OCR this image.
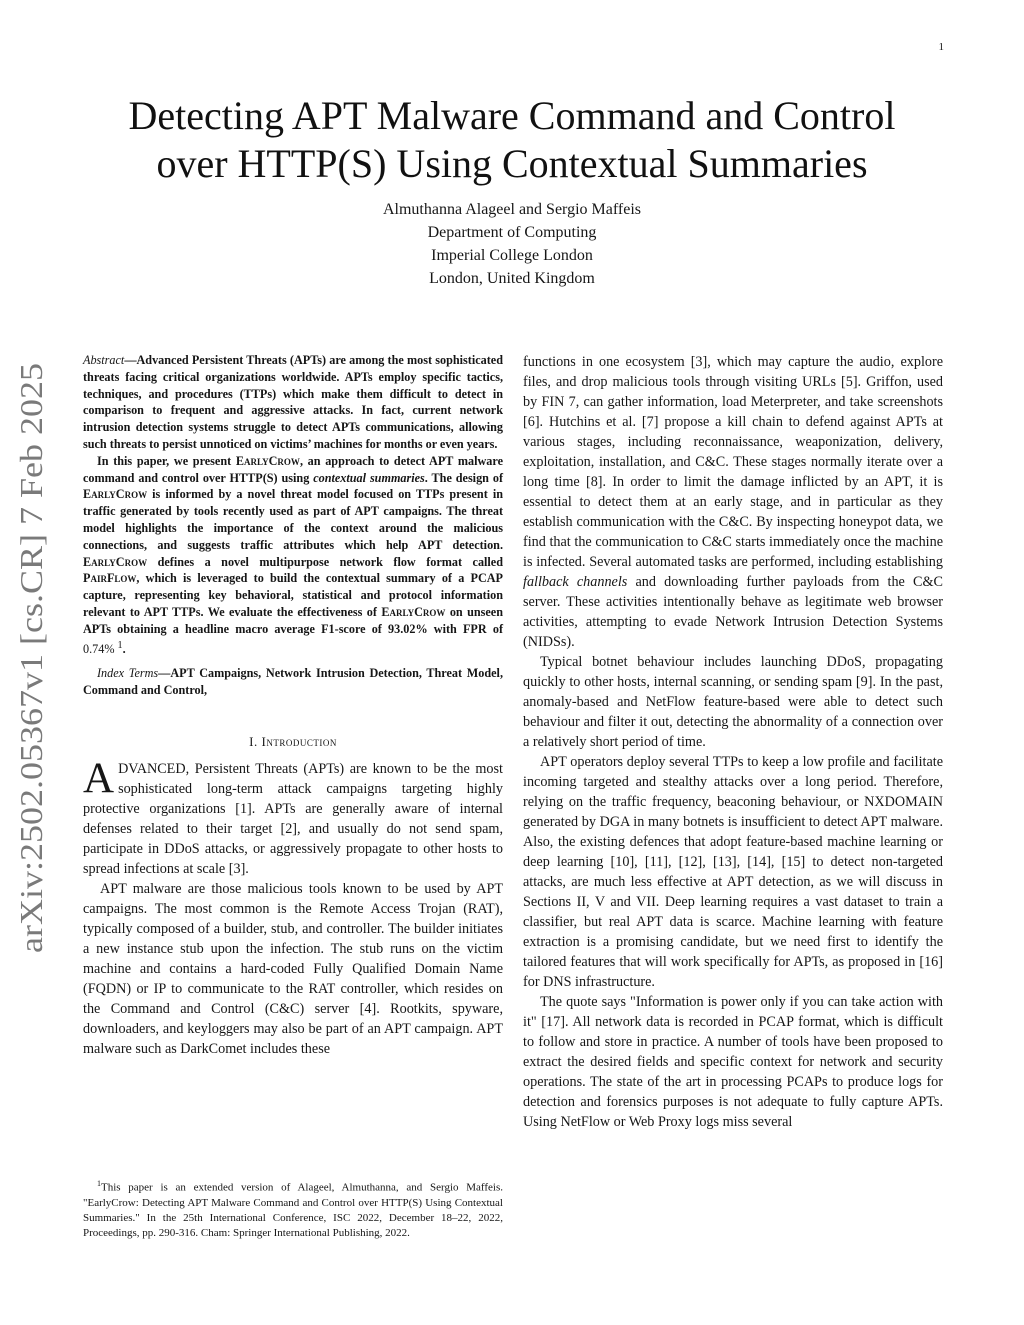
1
arXiv:2502.05367v1 [cs.CR] 7 Feb 2025
Detecting APT Malware Command and Control
over HTTP(S) Using Contextual Summaries
Almuthanna Alageel and Sergio Maffeis
Department of Computing
Imperial College London
London, United Kingdom

Abstract—Advanced Persistent Threats (APTs) are among the most sophisticated threats facing critical organizations worldwide. APTs employ specific tactics, techniques, and procedures (TTPs) which make them difficult to detect in comparison to frequent and aggressive attacks. In fact, current network intrusion detection systems struggle to detect APTs communications, allowing such threats to persist unnoticed on victims’ machines for months or even years.

In this paper, we present EarlyCrow, an approach to detect APT malware command and control over HTTP(S) using contextual summaries. The design of EarlyCrow is informed by a novel threat model focused on TTPs present in traffic generated by tools recently used as part of APT campaigns. The threat model highlights the importance of the context around the malicious connections, and suggests traffic attributes which help APT detection. EarlyCrow defines a novel multipurpose network flow format called PairFlow, which is leveraged to build the contextual summary of a PCAP capture, representing key behavioral, statistical and protocol information relevant to APT TTPs. We evaluate the effectiveness of EarlyCrow on unseen APTs obtaining a headline macro average F1-score of 93.02% with FPR of 0.74% $^1$.

Index Terms—APT Campaigns, Network Intrusion Detection, Threat Model, Command and Control,

I. Introduction

ADVANCED, Persistent Threats (APTs) are known to be the most sophisticated long-term attack campaigns targeting highly protective organizations [1]. APTs are generally aware of internal defenses related to their target [2], and usually do not send spam, participate in DDoS attacks, or aggressively propagate to other hosts to spread infections at scale [3].

APT malware are those malicious tools known to be used by APT campaigns. The most common is the Remote Access Trojan (RAT), typically composed of a builder, stub, and controller. The builder initiates a new instance stub upon the infection. The stub runs on the victim machine and contains a hard-coded Fully Qualified Domain Name (FQDN) or IP to communicate to the RAT controller, which resides on the Command and Control (C&C) server [4]. Rootkits, spyware, downloaders, and keyloggers may also be part of an APT campaign. APT malware such as DarkComet includes these

functions in one ecosystem [3], which may capture the audio, explore files, and drop malicious tools through visiting URLs [5]. Griffon, used by FIN 7, can gather information, load Meterpreter, and take screenshots [6]. Hutchins et al. [7] propose a kill chain to defend against APTs at various stages, including reconnaissance, weaponization, delivery, exploitation, installation, and C&C. These stages normally iterate over a long time [8]. In order to limit the damage inflicted by an APT, it is essential to detect them at an early stage, and in particular as they establish communication with the C&C. By inspecting honeypot data, we find that the communication to C&C starts immediately once the machine is infected. Several automated tasks are performed, including establishing fallback channels and downloading further payloads from the C&C server. These activities intentionally behave as legitimate web browser activities, attempting to evade Network Intrusion Detection Systems (NIDSs).

Typical botnet behaviour includes launching DDoS, propagating quickly to other hosts, internal scanning, or sending spam [9]. In the past, anomaly-based and NetFlow feature-based were able to detect such behaviour and filter it out, detecting the abnormality of a connection over a relatively short period of time.

APT operators deploy several TTPs to keep a low profile and facilitate incoming targeted and stealthy attacks over a long period. Therefore, relying on the traffic frequency, beaconing behaviour, or NXDOMAIN generated by DGA in many botnets is insufficient to detect APT malware. Also, the existing defences that adopt feature-based machine learning or deep learning [10], [11], [12], [13], [14], [15] to detect non-targeted attacks, are much less effective at APT detection, as we will discuss in Sections II, V and VII. Deep learning requires a vast dataset to train a classifier, but real APT data is scarce. Machine learning with feature extraction is a promising candidate, but we need first to identify the tailored features that will work specifically for APTs, as proposed in [16] for DNS infrastructure.

The quote says "Information is power only if you can take action with it" [17]. All network data is recorded in PCAP format, which is difficult to follow and store in practice. A number of tools have been proposed to extract the desired fields and specific context for network and security operations. The state of the art in processing PCAPs to produce logs for detection and forensics purposes is not adequate to fully capture APTs. Using NetFlow or Web Proxy logs miss several

$^1$This paper is an extended version of Alageel, Almuthanna, and Sergio Maffeis. "EarlyCrow: Detecting APT Malware Command and Control over HTTP(S) Using Contextual Summaries." In the 25th International Conference, ISC 2022, December 18–22, 2022, Proceedings, pp. 290-316. Cham: Springer International Publishing, 2022.
